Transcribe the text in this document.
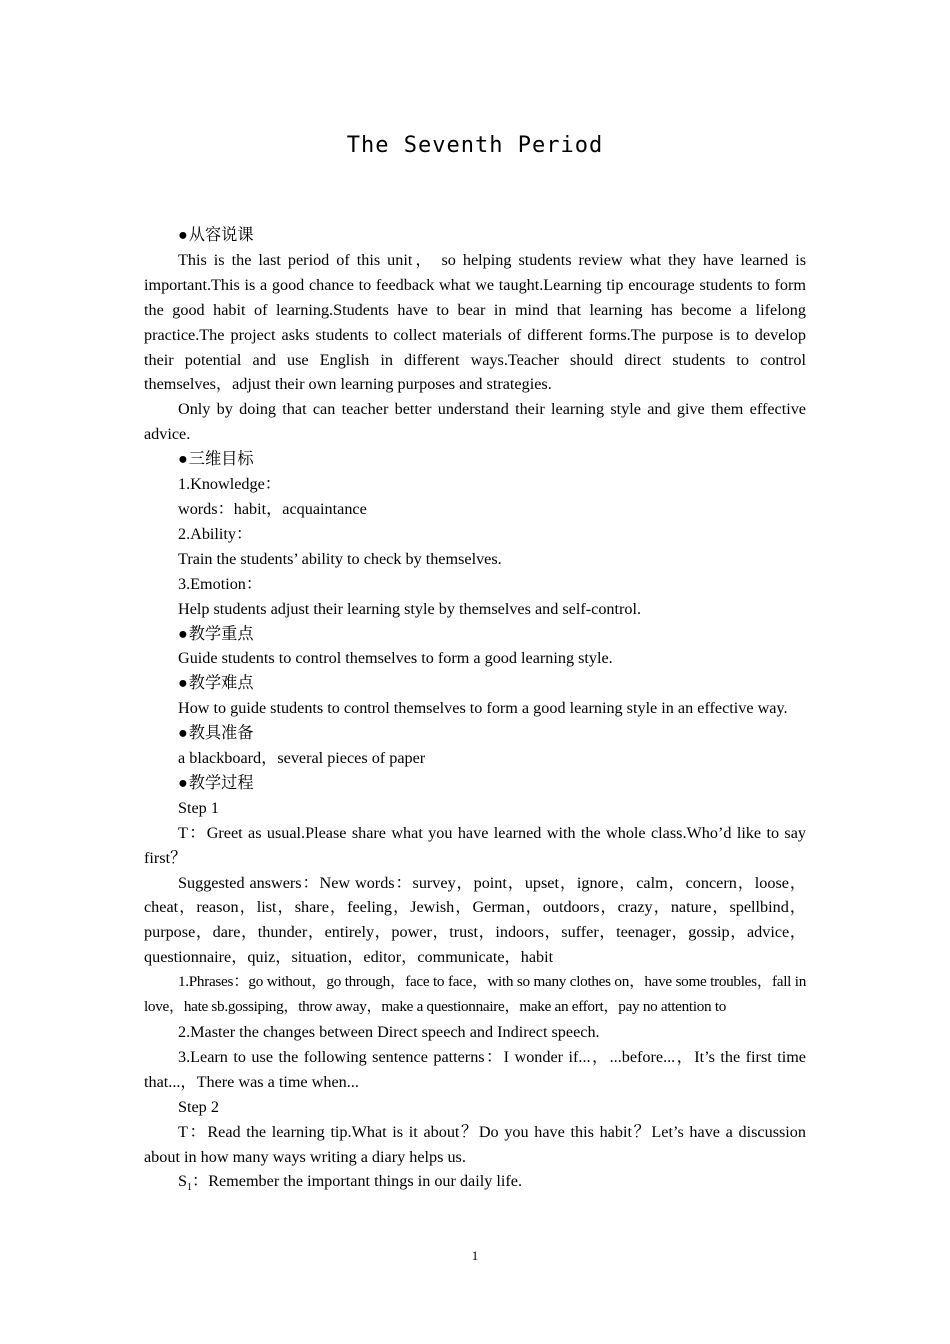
The Seventh Period
●从容说课

This is the last period of this unit， so helping students review what they have learned is important.This is a good chance to feedback what we taught.Learning tip encourage students to form the good habit of learning.Students have to bear in mind that learning has become a lifelong practice.The project asks students to collect materials of different forms.The purpose is to develop their potential and use English in different ways.Teacher should direct students to control themselves，adjust their own learning purposes and strategies.

Only by doing that can teacher better understand their learning style and give them effective advice.

●三维目标
1.Knowledge：
words：habit，acquaintance
2.Ability：
Train the students’ ability to check by themselves.
3.Emotion：
Help students adjust their learning style by themselves and self-control.
●教学重点
Guide students to control themselves to form a good learning style.
●教学难点

How to guide students to control themselves to form a good learning style in an effective way.

●教具准备
a blackboard，several pieces of paper
●教学过程
Step 1

T：Greet as usual.Please share what you have learned with the whole class.Who’d like to say first？

Suggested answers：New words：survey，point，upset，ignore，calm，concern，loose，cheat，reason，list，share，feeling，Jewish，German，outdoors，crazy，nature，spellbind，purpose，dare，thunder，entirely，power，trust，indoors，suffer，teenager，gossip，advice，questionnaire，quiz，situation，editor，communicate，habit

1.Phrases：go without，go through，face to face，with so many clothes on，have some troubles，fall in love，hate sb.gossiping，throw away，make a questionnaire，make an effort，pay no attention to

2.Master the changes between Direct speech and Indirect speech.

3.Learn to use the following sentence patterns：I wonder if...，...before...，It’s the first time that...，There was a time when...

Step 2

T：Read the learning tip.What is it about？Do you have this habit？Let’s have a discussion about in how many ways writing a diary helps us.

$S_1$：Remember the important things in our daily life.
1
